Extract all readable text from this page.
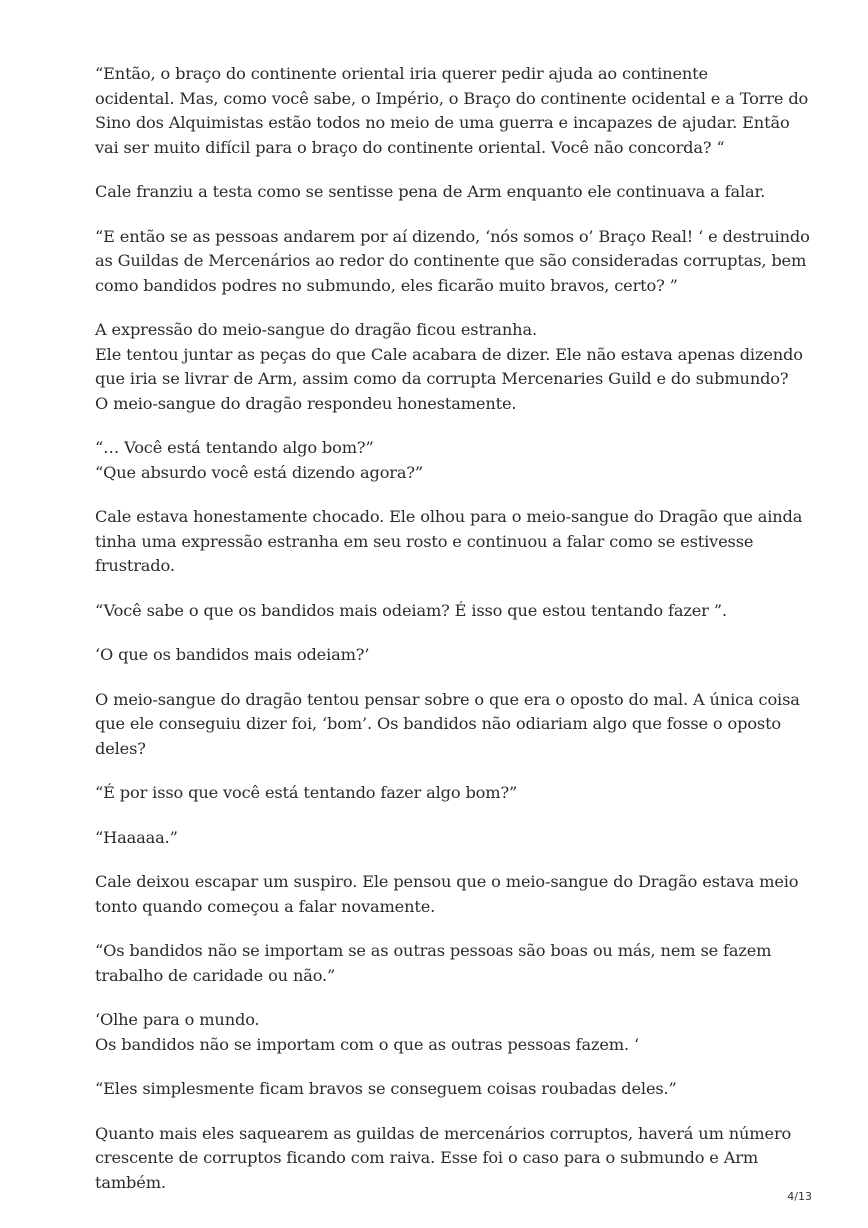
“Então, o braço do continente oriental iria querer pedir ajuda ao continente
ocidental. Mas, como você sabe, o Império, o Braço do continente ocidental e a Torre do
Sino dos Alquimistas estão todos no meio de uma guerra e incapazes de ajudar. Então
vai ser muito difícil para o braço do continente oriental. Você não concorda? “

Cale franziu a testa como se sentisse pena de Arm enquanto ele continuava a falar.

“E então se as pessoas andarem por aí dizendo, ‘nós somos o’ Braço Real! ‘ e destruindo
as Guildas de Mercenários ao redor do continente que são consideradas corruptas, bem
como bandidos podres no submundo, eles ficarão muito bravos, certo? ”

A expressão do meio-sangue do dragão ficou estranha.
Ele tentou juntar as peças do que Cale acabara de dizer. Ele não estava apenas dizendo
que iria se livrar de Arm, assim como da corrupta Mercenaries Guild e do submundo?
O meio-sangue do dragão respondeu honestamente.

“… Você está tentando algo bom?”
“Que absurdo você está dizendo agora?”

Cale estava honestamente chocado. Ele olhou para o meio-sangue do Dragão que ainda
tinha uma expressão estranha em seu rosto e continuou a falar como se estivesse
frustrado.

“Você sabe o que os bandidos mais odeiam? É isso que estou tentando fazer ”.

‘O que os bandidos mais odeiam?’

O meio-sangue do dragão tentou pensar sobre o que era o oposto do mal. A única coisa
que ele conseguiu dizer foi, ‘bom’. Os bandidos não odiariam algo que fosse o oposto
deles?

“É por isso que você está tentando fazer algo bom?”

“Haaaaa.”

Cale deixou escapar um suspiro. Ele pensou que o meio-sangue do Dragão estava meio
tonto quando começou a falar novamente.

“Os bandidos não se importam se as outras pessoas são boas ou más, nem se fazem
trabalho de caridade ou não.”

‘Olhe para o mundo.
Os bandidos não se importam com o que as outras pessoas fazem. ‘

“Eles simplesmente ficam bravos se conseguem coisas roubadas deles.”

Quanto mais eles saquearem as guildas de mercenários corruptos, haverá um número
crescente de corruptos ficando com raiva. Esse foi o caso para o submundo e Arm
também.

4/13
